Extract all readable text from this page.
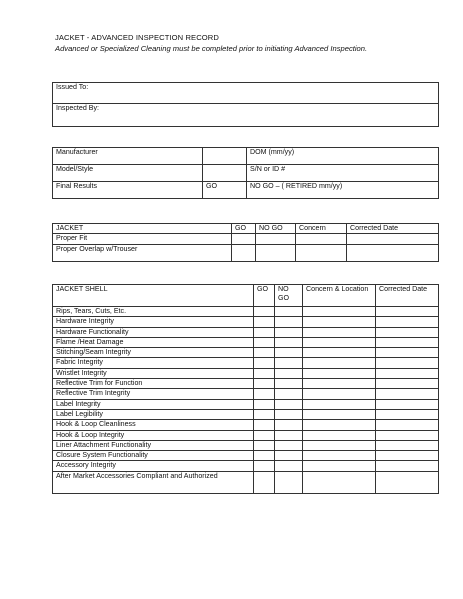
JACKET - ADVANCED INSPECTION RECORD
Advanced or Specialized Cleaning must be completed prior to initiating Advanced Inspection.
Issued To:
Inspected By:
Manufacturer		DOM (mm/yy)
Model/Style		S/N or ID #
Final Results	GO	NO GO – ( RETIRED mm/yy)
JACKET	GO	NO GO	Concern	Corrected Date
Proper Fit				
Proper Overlap w/Trouser				
JACKET SHELL	GO	NO GO	Concern & Location	Corrected Date
Rips, Tears, Cuts, Etc.				
Hardware Integrity				
Hardware Functionality				
Flame /Heat Damage				
Stitching/Seam Integrity				
Fabric Integrity				
Wristlet Integrity				
Reflective Trim for Function				
Reflective Trim Integrity				
Label Integrity				
Label Legibility				
Hook & Loop Cleanliness				
Hook & Loop Integrity				
Liner Attachment Functionality				
Closure System Functionality				
Accessory Integrity				
After Market Accessories Compliant and Authorized				
